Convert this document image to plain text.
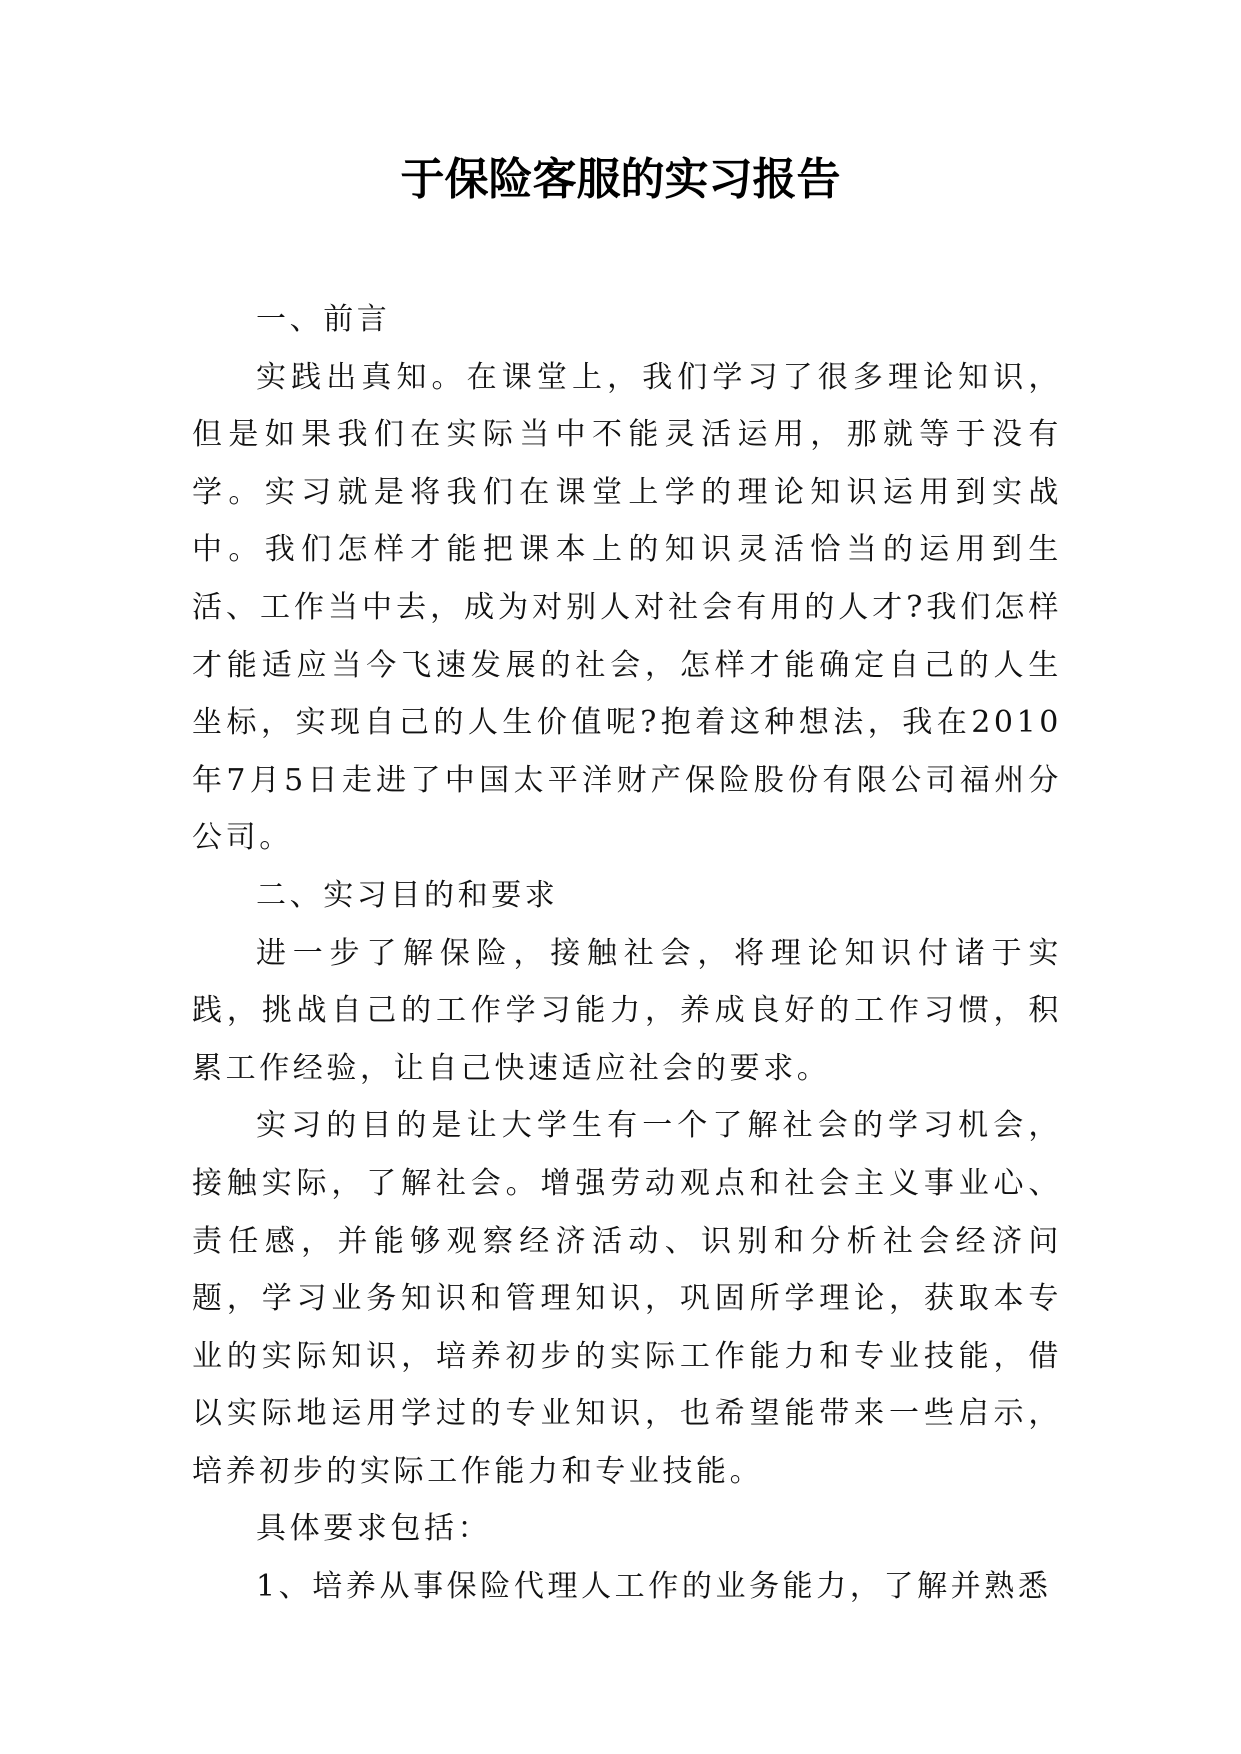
于保险客服的实习报告

一、前言

实践出真知。在课堂上，我们学习了很多理论知识，但是如果我们在实际当中不能灵活运用，那就等于没有学。实习就是将我们在课堂上学的理论知识运用到实战中。我们怎样才能把课本上的知识灵活恰当的运用到生活、工作当中去，成为对别人对社会有用的人才?我们怎样才能适应当今飞速发展的社会，怎样才能确定自己的人生坐标，实现自己的人生价值呢?抱着这种想法，我在2010年7月5日走进了中国太平洋财产保险股份有限公司福州分公司。

二、实习目的和要求

进一步了解保险，接触社会，将理论知识付诸于实践，挑战自己的工作学习能力，养成良好的工作习惯，积累工作经验，让自己快速适应社会的要求。

实习的目的是让大学生有一个了解社会的学习机会，接触实际，了解社会。增强劳动观点和社会主义事业心、责任感，并能够观察经济活动、识别和分析社会经济问题，学习业务知识和管理知识，巩固所学理论，获取本专业的实际知识，培养初步的实际工作能力和专业技能，借以实际地运用学过的专业知识，也希望能带来一些启示，培养初步的实际工作能力和专业技能。

具体要求包括：

1、培养从事保险代理人工作的业务能力，了解并熟悉
